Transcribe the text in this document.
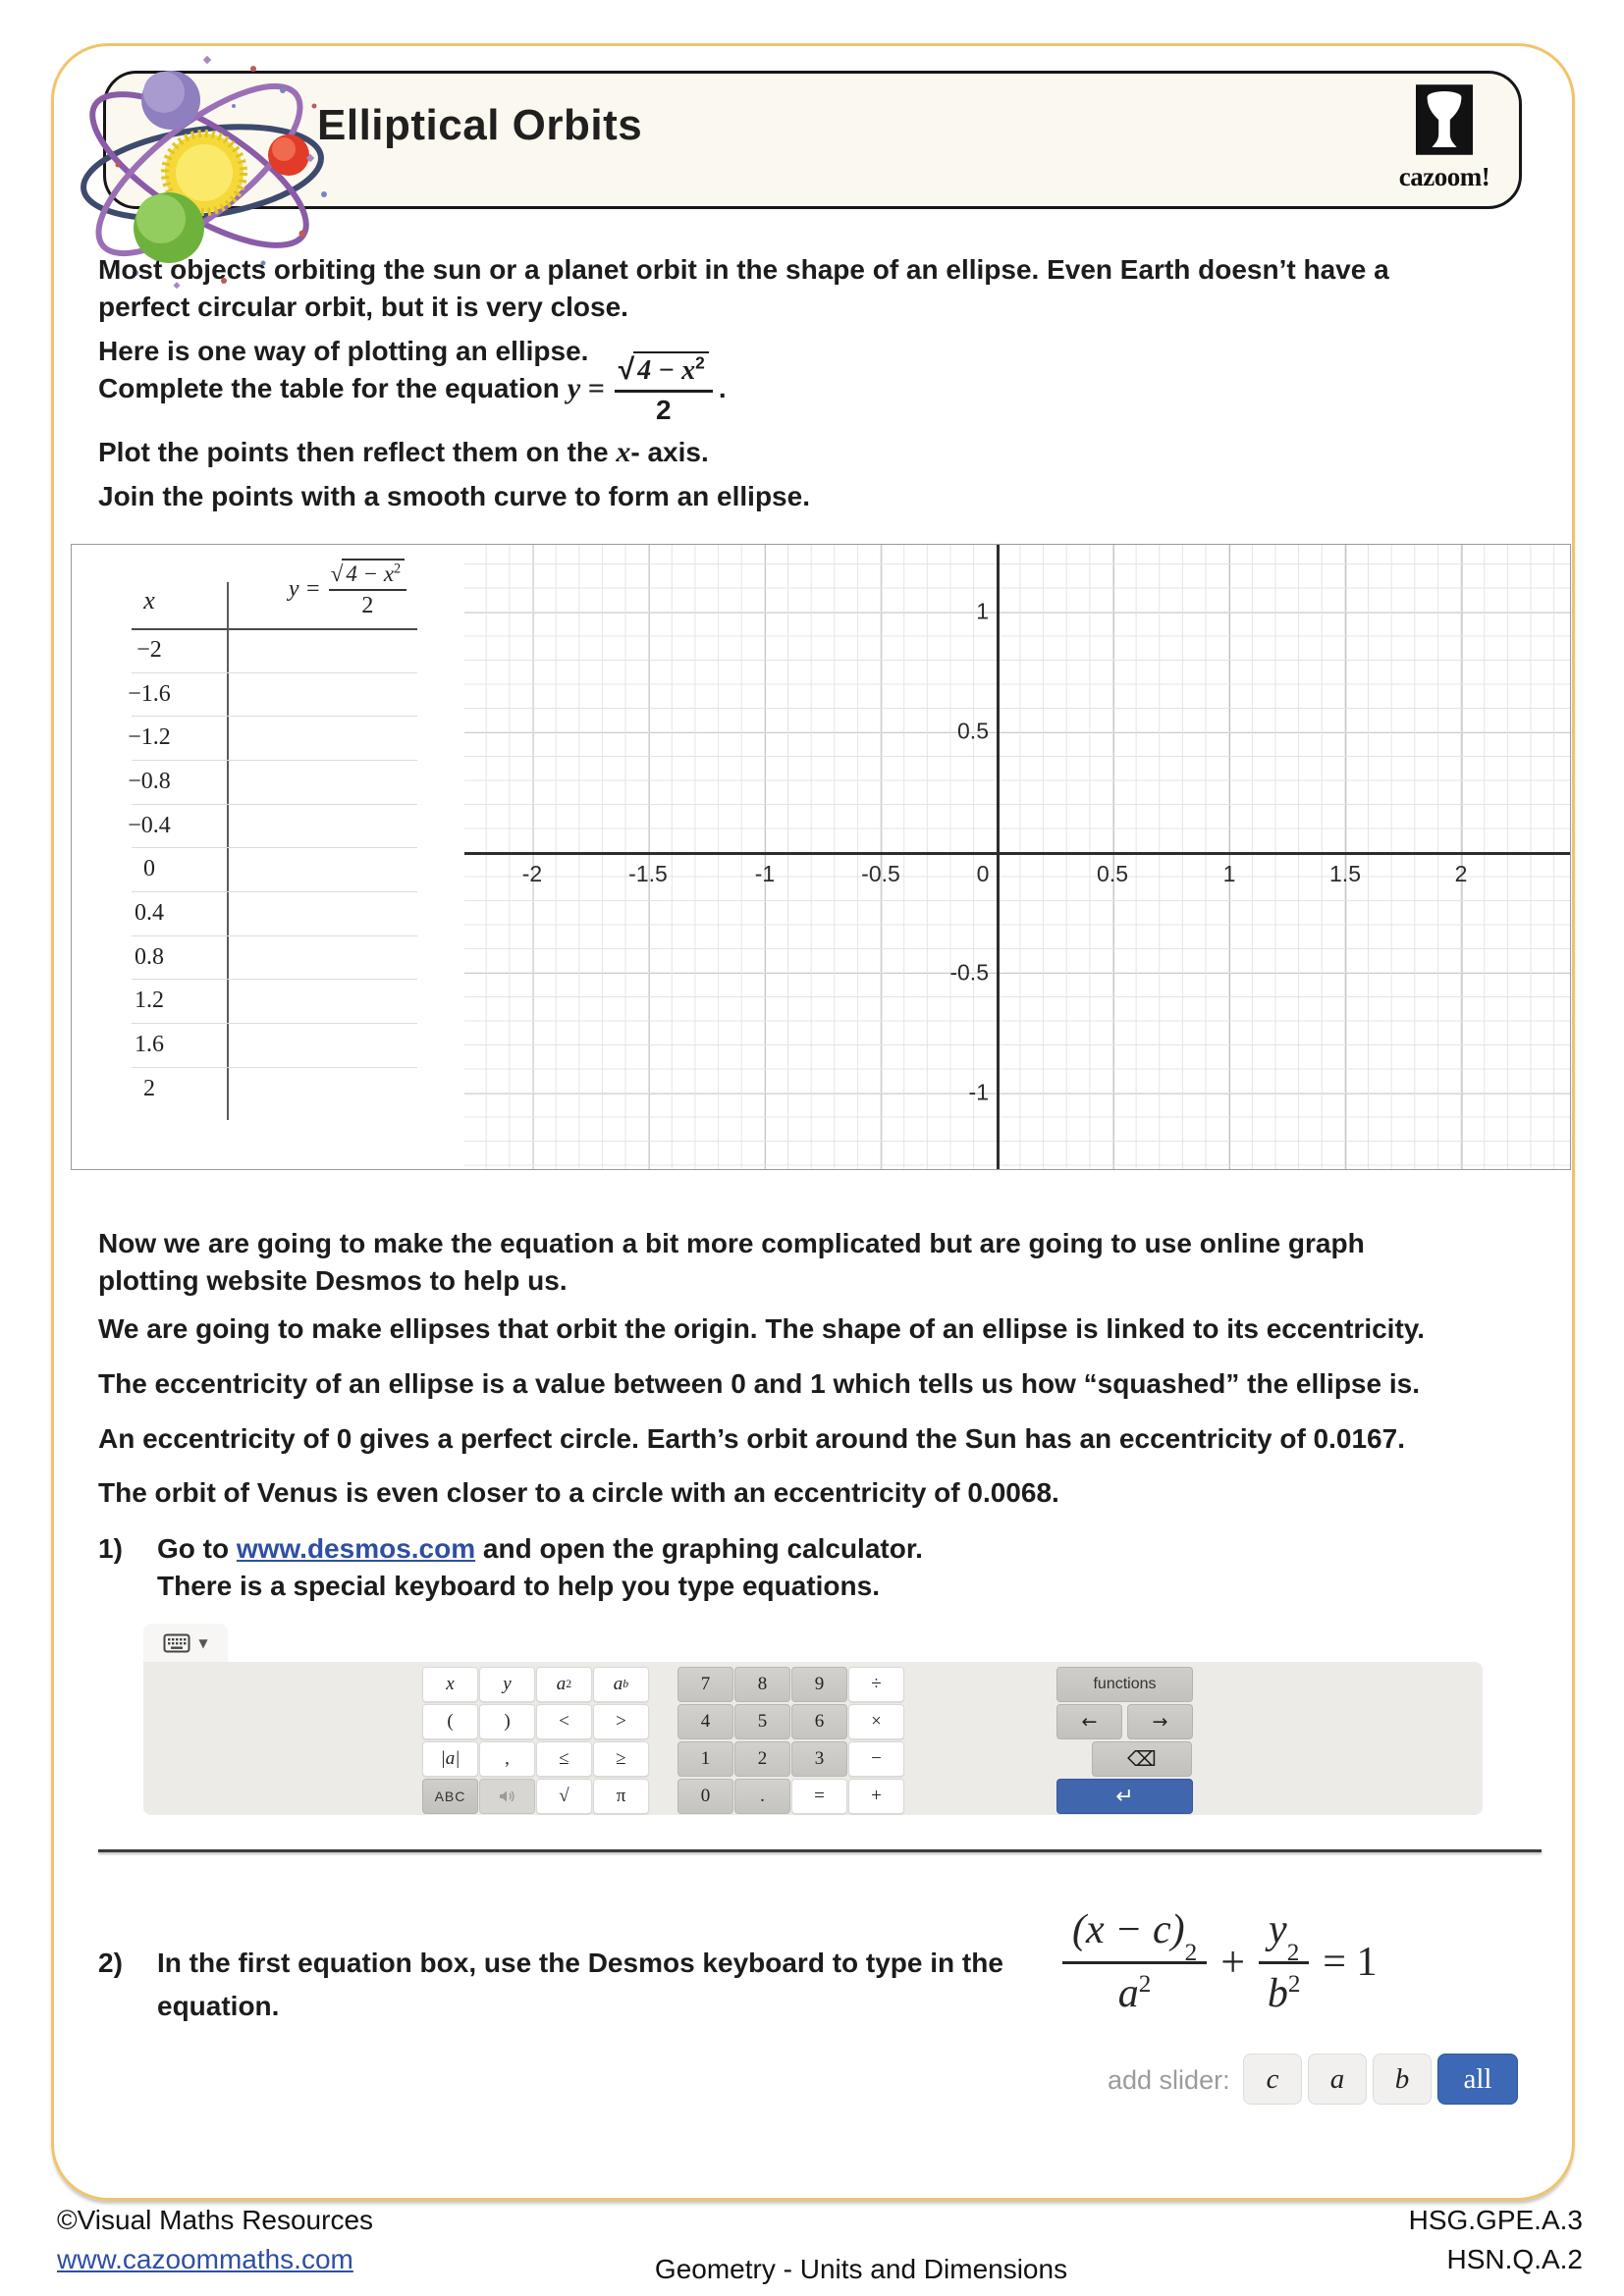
Elliptical Orbits
cazoom!
Most objects orbiting the sun or a planet orbit in the shape of an ellipse. Even Earth doesn’t have a
perfect circular orbit, but it is very close.
Here is one way of plotting an ellipse.
Complete the table for the equation $y = \frac{√ 4 - x^2}{2}$ .
Plot the points then reflect them on the x- axis.
Join the points with a smooth curve to form an ellipse.
x	$y = \frac{√ 4 - x^2}{2}$
−2
−1.6
−1.2
−0.8
−0.4
0
0.4
0.8
1.2
1.6
2
-2	-1.5	-1	-0.5	0	0.5	1	1.5	2
1
0.5
-0.5
-1
Now we are going to make the equation a bit more complicated but are going to use online graph
plotting website Desmos to help us.
We are going to make ellipses that orbit the origin. The shape of an ellipse is linked to its eccentricity.
The eccentricity of an ellipse is a value between 0 and 1 which tells us how “squashed” the ellipse is.
An eccentricity of 0 gives a perfect circle. Earth’s orbit around the Sun has an eccentricity of 0.0167.
The orbit of Venus is even closer to a circle with an eccentricity of 0.0068.
1) Go to www.desmos.com and open the graphing calculator.
There is a special keyboard to help you type equations.
▼
x	y	a 2 a b
(	)	<	>
|a|	,	≤	≥
ABC	√	π
7	8	9	÷
4	5	6	×
1	2	3	−
0	.	=	+
functions
←	→
⌫
↵
2) In the first equation box, use the Desmos keyboard to type in the
equation.	(x − c)
2
$a^2 + y$
2
$b^2 = 1$
add slider:	c	a	b	all
©Visual Maths Resources
www.cazoommaths.com	Geometry - Units and Dimensions
HSG.GPE.A.3
HSN.Q.A.2
